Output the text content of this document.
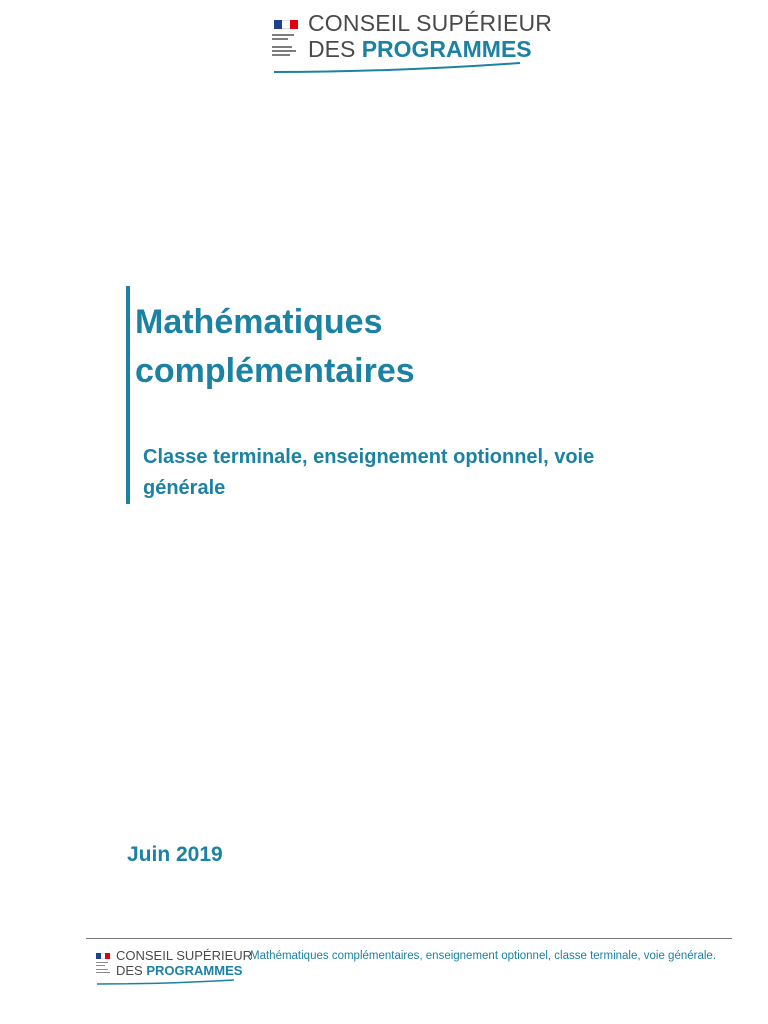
CONSEIL SUPÉRIEUR
DES PROGRAMMES
Mathématiques complémentaires
Classe terminale, enseignement optionnel, voie générale
Juin 2019
CONSEIL SUPÉRIEUR
DES PROGRAMMES

Mathématiques complémentaires, enseignement optionnel, classe terminale, voie générale.
